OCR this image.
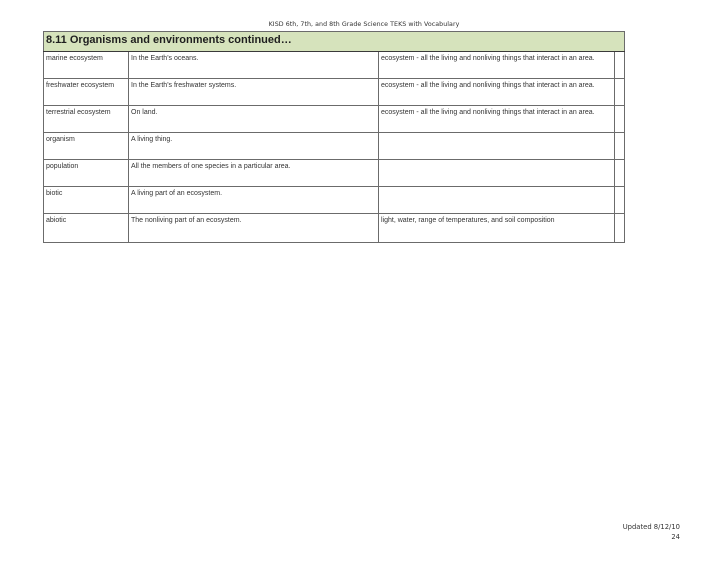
KISD 6th, 7th, and 8th Grade Science TEKS with Vocabulary
8.11 Organisms and environments continued…			
marine ecosystem	In the Earth's oceans.	ecosystem - all the living and nonliving things that interact in an area.	
freshwater ecosystem	In the Earth's freshwater systems.	ecosystem - all the living and nonliving things that interact in an area.	
terrestrial ecosystem	On land.	ecosystem - all the living and nonliving things that interact in an area.	
organism	A living thing.		
population	All the members of one species in a particular area.		
biotic	A living part of an ecosystem.		
abiotic	The nonliving part of an ecosystem.	light, water, range of temperatures, and soil composition	
Updated 8/12/10
24
